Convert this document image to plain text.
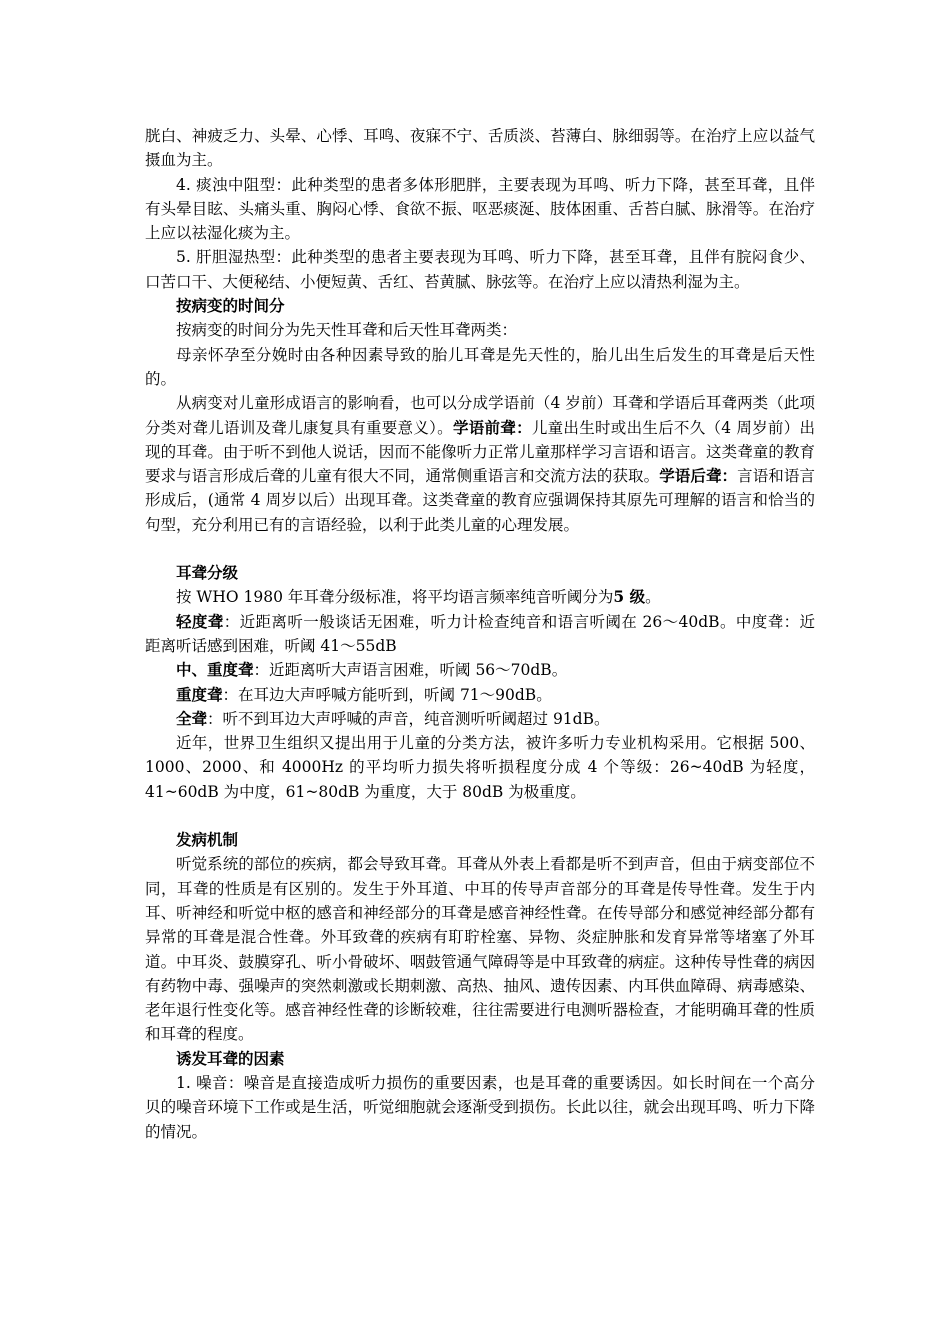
胱白、神疲乏力、头晕、心悸、耳鸣、夜寐不宁、舌质淡、苔薄白、脉细弱等。在治疗上应以益气摄血为主。

4. 痰浊中阻型：此种类型的患者多体形肥胖，主要表现为耳鸣、听力下降，甚至耳聋，且伴有头晕目眩、头痛头重、胸闷心悸、食欲不振、呕恶痰涎、肢体困重、舌苔白腻、脉滑等。在治疗上应以祛湿化痰为主。

5. 肝胆湿热型：此种类型的患者主要表现为耳鸣、听力下降，甚至耳聋，且伴有脘闷食少、口苦口干、大便秘结、小便短黄、舌红、苔黄腻、脉弦等。在治疗上应以清热利湿为主。

按病变的时间分

按病变的时间分为先天性耳聋和后天性耳聋两类：

母亲怀孕至分娩时由各种因素导致的胎儿耳聋是先天性的，胎儿出生后发生的耳聋是后天性的。

从病变对儿童形成语言的影响看，也可以分成学语前（4 岁前）耳聋和学语后耳聋两类（此项分类对聋儿语训及聋儿康复具有重要意义）。学语前聋：儿童出生时或出生后不久（4 周岁前）出现的耳聋。由于听不到他人说话，因而不能像听力正常儿童那样学习言语和语言。这类聋童的教育要求与语言形成后聋的儿童有很大不同，通常侧重语言和交流方法的获取。学语后聋：言语和语言形成后，(通常 4 周岁以后）出现耳聋。这类聋童的教育应强调保持其原先可理解的语言和恰当的句型，充分利用已有的言语经验，以利于此类儿童的心理发展。

耳聋分级

按 WHO 1980 年耳聋分级标准，将平均语言频率纯音听阈分为5 级。

轻度聋：近距离听一般谈话无困难，听力计检查纯音和语言听阈在 26～40dB。中度聋：近距离听话感到困难，听阈 41～55dB

中、重度聋：近距离听大声语言困难，听阈 56～70dB。

重度聋：在耳边大声呼喊方能听到，听阈 71～90dB。

全聋：听不到耳边大声呼喊的声音，纯音测听听阈超过 91dB。

近年，世界卫生组织又提出用于儿童的分类方法，被许多听力专业机构采用。它根据 500、1000、2000、和 4000Hz 的平均听力损失将听损程度分成 4 个等级：26~40dB 为轻度，41~60dB 为中度，61~80dB 为重度，大于 80dB 为极重度。

发病机制

听觉系统的部位的疾病，都会导致耳聋。耳聋从外表上看都是听不到声音，但由于病变部位不同，耳聋的性质是有区别的。发生于外耳道、中耳的传导声音部分的耳聋是传导性聋。发生于内耳、听神经和听觉中枢的感音和神经部分的耳聋是感音神经性聋。在传导部分和感觉神经部分都有异常的耳聋是混合性聋。外耳致聋的疾病有耵聍栓塞、异物、炎症肿胀和发育异常等堵塞了外耳道。中耳炎、鼓膜穿孔、听小骨破坏、咽鼓管通气障碍等是中耳致聋的病症。这种传导性聋的病因有药物中毒、强噪声的突然刺激或长期刺激、高热、抽风、遗传因素、内耳供血障碍、病毒感染、老年退行性变化等。感音神经性聋的诊断较难，往往需要进行电测听器检查，才能明确耳聋的性质和耳聋的程度。

诱发耳聋的因素

1. 噪音：噪音是直接造成听力损伤的重要因素，也是耳聋的重要诱因。如长时间在一个高分贝的噪音环境下工作或是生活，听觉细胞就会逐渐受到损伤。长此以往，就会出现耳鸣、听力下降的情况。
